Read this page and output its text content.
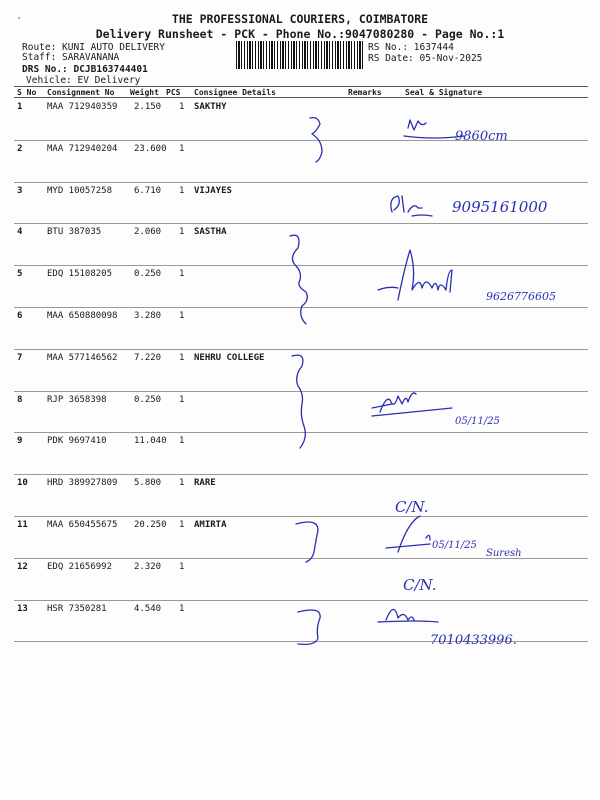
⸗	THE PROFESSIONAL COURIERS, COIMBATORE
Delivery Runsheet - PCK - Phone No.:9047080280 - Page No.:1
Route: KUNI AUTO DELIVERY
Staff: SARAVANANA
DRS No.: DCJB163744401
Vehicle: EV Delivery
RS No.: 1637444
RS Date: 05-Nov-2025
S No Consignment No Weight PCS Consignee Details	Remarks	Seal & Signature
1	MAA 712940359 2.150 1 SAKTHY
2	MAA 712940204 23.600 1
3	MYD 10057258 6.710 1 VIJAYES
4	BTU 387035	2.060 1 SASTHA
5	EDQ 15108205 0.250 1
6	MAA 650880098 3.280 1
7	MAA 577146562 7.220 1 NEHRU COLLEGE
8	RJP 3658398	0.250 1
9	PDK 9697410	11.040 1
10 HRD 389927809 5.800 1 RARE
11 MAA 650455675 20.250 1 AMIRTA
12 EDQ 21656992 2.320 1
13 HSR 7350281	4.540 1
9860cm
9095161000
9626776605
05/11/25
C/N.
05/11/25
Suresh
C/N.
7010433996.
